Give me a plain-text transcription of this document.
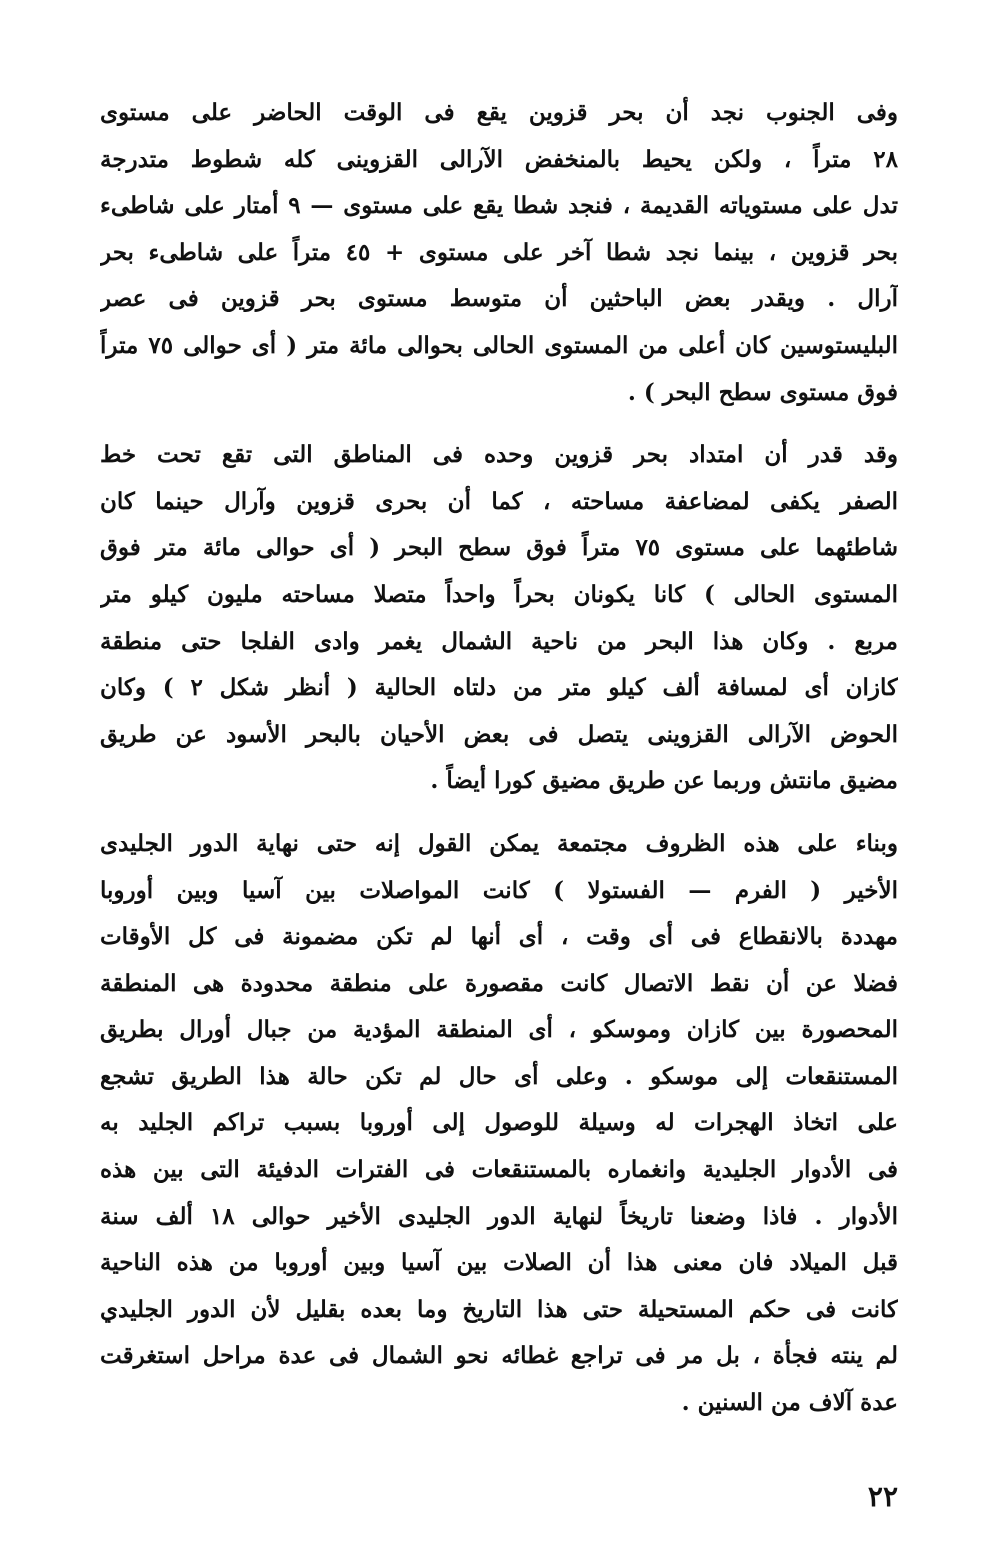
وفى الجنوب نجد أن بحر قزوين يقع فى الوقت الحاضر على مستوى
٢٨ متراً ، ولكن يحيط بالمنخفض الآرالى القزوينى كله شطوط متدرجة
تدل على مستوياته القديمة ، فنجد شطا يقع على مستوى — ٩ أمتار على شاطىء
بحر قزوين ، بينما نجد شطا آخر على مستوى + ٤٥ متراً على شاطىء بحر
آرال . ويقدر بعض الباحثين أن متوسط مستوى بحر قزوين فى عصر
البليستوسين كان أعلى من المستوى الحالى بحوالى مائة متر ( أى حوالى ٧٥ متراً
فوق مستوى سطح البحر ) .
وقد قدر أن امتداد بحر قزوين وحده فى المناطق التى تقع تحت خط
الصفر يكفى لمضاعفة مساحته ، كما أن بحرى قزوين وآرال حينما كان
شاطئهما على مستوى ٧٥ متراً فوق سطح البحر ( أى حوالى مائة متر فوق
المستوى الحالى ) كانا يكونان بحراً واحداً متصلا مساحته مليون كيلو متر
مربع . وكان هذا البحر من ناحية الشمال يغمر وادى الفلجا حتى منطقة
كازان أى لمسافة ألف كيلو متر من دلتاه الحالية ( أنظر شكل ٢ ) وكان
الحوض الآرالى القزوينى يتصل فى بعض الأحيان بالبحر الأسود عن طريق
مضيق مانتش وربما عن طريق مضيق كورا أيضاً .
وبناء على هذه الظروف مجتمعة يمكن القول إنه حتى نهاية الدور الجليدى
الأخير ( الفرم — الفستولا ) كانت المواصلات بين آسيا وبين أوروبا
مهددة بالانقطاع فى أى وقت ، أى أنها لم تكن مضمونة فى كل الأوقات
فضلا عن أن نقط الاتصال كانت مقصورة على منطقة محدودة هى المنطقة
المحصورة بين كازان وموسكو ، أى المنطقة المؤدية من جبال أورال بطريق
المستنقعات إلى موسكو . وعلى أى حال لم تكن حالة هذا الطريق تشجع
على اتخاذ الهجرات له وسيلة للوصول إلى أوروبا بسبب تراكم الجليد به
فى الأدوار الجليدية وانغماره بالمستنقعات فى الفترات الدفيئة التى بين هذه
الأدوار . فاذا وضعنا تاريخاً لنهاية الدور الجليدى الأخير حوالى ١٨ ألف سنة
قبل الميلاد فان معنى هذا أن الصلات بين آسيا وبين أوروبا من هذه الناحية
كانت فى حكم المستحيلة حتى هذا التاريخ وما بعده بقليل لأن الدور الجليدي
لم ينته فجأة ، بل مر فى تراجع غطائه نحو الشمال فى عدة مراحل استغرقت
عدة آلاف من السنين .
٢٢
